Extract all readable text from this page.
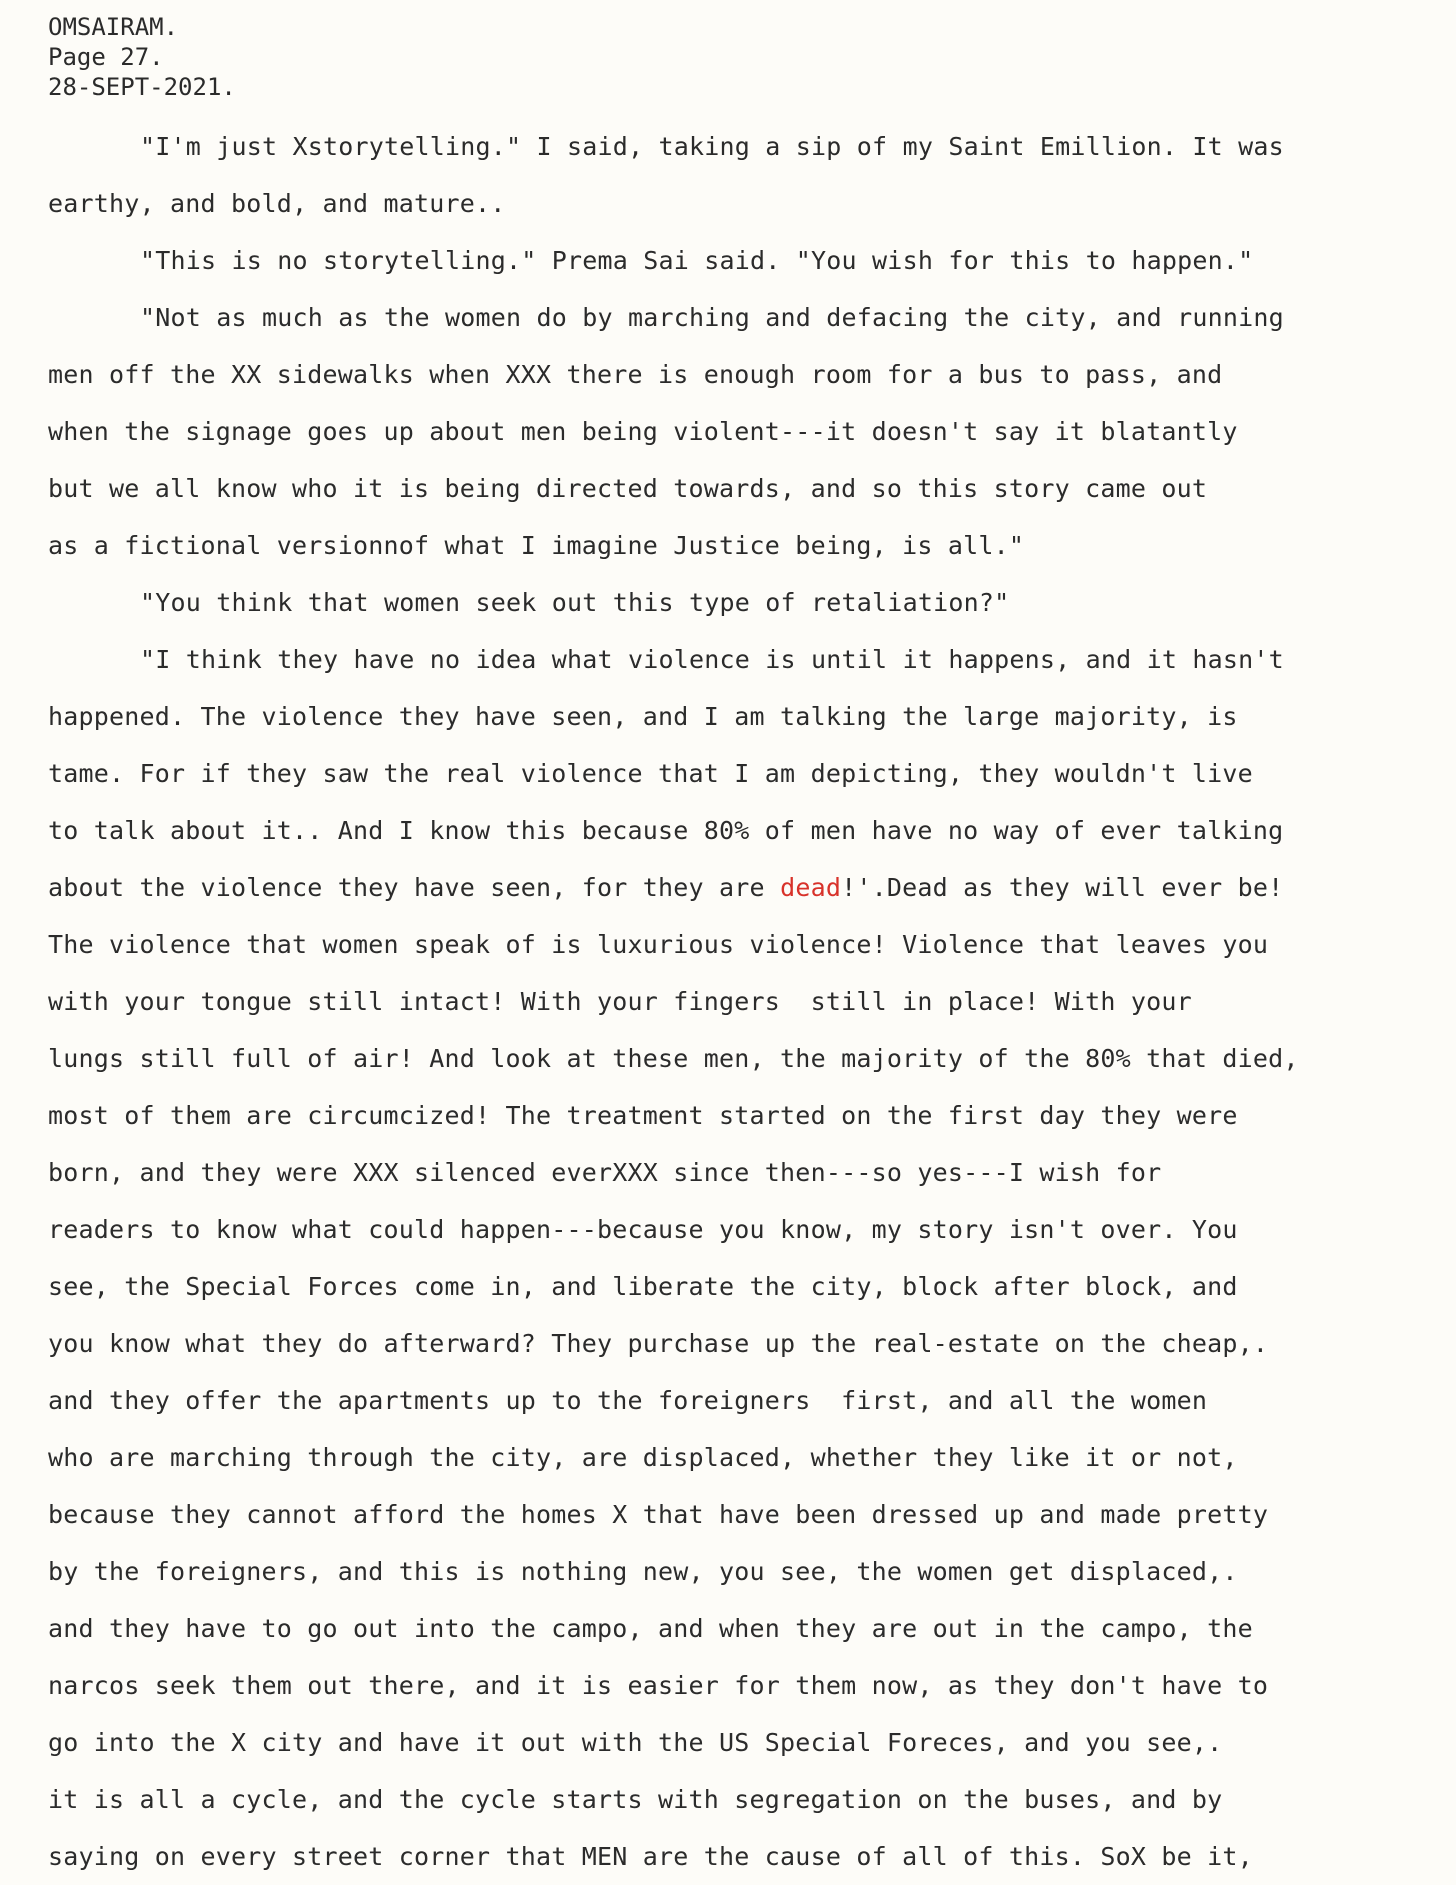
OMSAIRAM.
Page 27.
28-SEPT-2021.
"I'm just Xstorytelling." I said, taking a sip of my Saint Emillion. It was
earthy, and bold, and mature..
"This is no storytelling." Prema Sai said. "You wish for this to happen."
"Not as much as the women do by marching and defacing the city, and running
men off the XX sidewalks when XXX there is enough room for a bus to pass, and
when the signage goes up about men being violent---it doesn't say it blatantly
but we all know who it is being directed towards, and so this story came out
as a fictional versionnof what I imagine Justice being, is all."
"You think that women seek out this type of retaliation?"
"I think they have no idea what violence is until it happens, and it hasn't
happened. The violence they have seen, and I am talking the large majority, is
tame. For if they saw the real violence that I am depicting, they wouldn't live
to talk about it.. And I know this because 80% of men have no way of ever talking
about the violence they have seen, for they are dead!'.Dead as they will ever be!
The violence that women speak of is luxurious violence! Violence that leaves you
with your tongue still intact! With your fingers  still in place! With your
lungs still full of air! And look at these men, the majority of the 80% that died,
most of them are circumcized! The treatment started on the first day they were
born, and they were XXX silenced everXXX since then---so yes---I wish for
readers to know what could happen---because you know, my story isn't over. You
see, the Special Forces come in, and liberate the city, block after block, and
you know what they do afterward? They purchase up the real-estate on the cheap,.
and they offer the apartments up to the foreigners  first, and all the women
who are marching through the city, are displaced, whether they like it or not,
because they cannot afford the homes X that have been dressed up and made pretty
by the foreigners, and this is nothing new, you see, the women get displaced,.
and they have to go out into the campo, and when they are out in the campo, the
narcos seek them out there, and it is easier for them now, as they don't have to
go into the X city and have it out with the US Special Foreces, and you see,.
it is all a cycle, and the cycle starts with segregation on the buses, and by
saying on every street corner that MEN are the cause of all of this. SoX be it,
